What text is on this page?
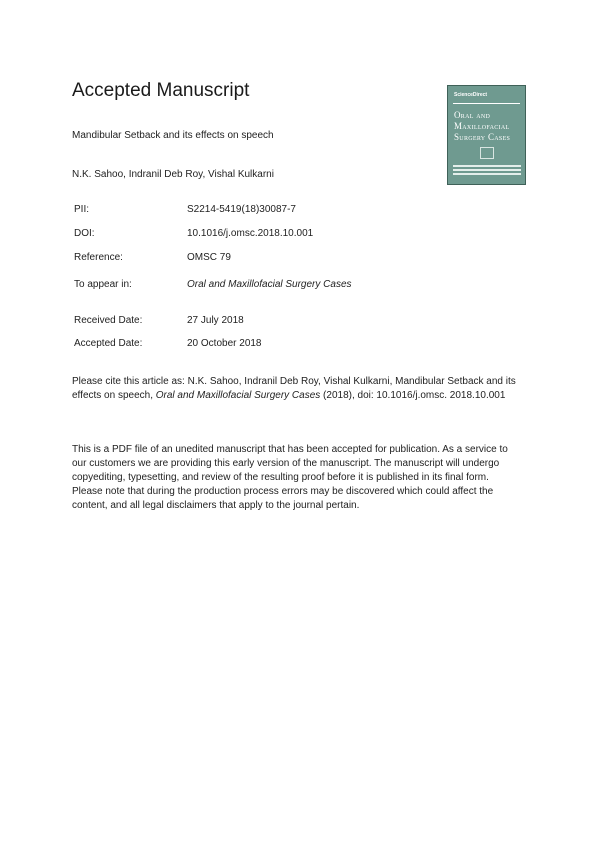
Accepted Manuscript
Mandibular Setback and its effects on speech
N.K. Sahoo, Indranil Deb Roy, Vishal Kulkarni
ScienceDirect
Oral and
Maxillofacial
Surgery Cases
PII:	S2214-5419(18)30087-7
DOI:	10.1016/j.omsc.2018.10.001
Reference:	OMSC 79
To appear in:	Oral and Maxillofacial Surgery Cases
Received Date:	27 July 2018
Accepted Date:	20 October 2018
Please cite this article as: N.K. Sahoo, Indranil Deb Roy, Vishal Kulkarni, Mandibular Setback and its effects on speech, Oral and Maxillofacial Surgery Cases (2018), doi: 10.1016/j.omsc. 2018.10.001
This is a PDF file of an unedited manuscript that has been accepted for publication. As a service to our customers we are providing this early version of the manuscript. The manuscript will undergo copyediting, typesetting, and review of the resulting proof before it is published in its final form. Please note that during the production process errors may be discovered which could affect the content, and all legal disclaimers that apply to the journal pertain.
